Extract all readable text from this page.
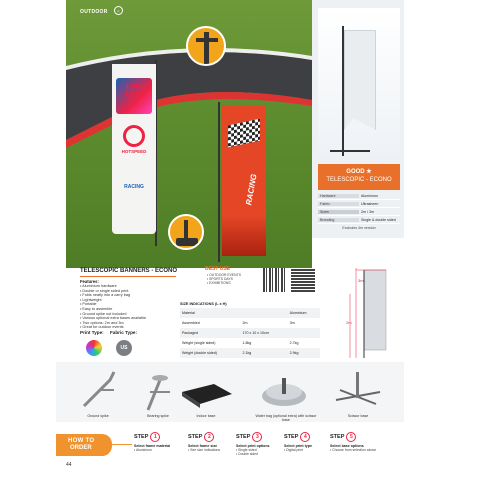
OUTDOOR	☼
TURN
OUT
HOTSPEED
RACING	RACING
GOOD ★
TELESCOPIC - ECONO
Hardware	Aluminium
Fabric	Ultrasheen
Sizes	2m / 3m
Branding	Single & double sided
Excludes 4m version
TELESCOPIC BANNERS - ECONO
Features:
• Aluminium hardware
• Double or single sided print
• Folds neatly into a carry bag
• Lightweight
• Portable
• Easy to assemble
• Ground spike not included
• Various optional extra bases available
• Two options: 2m and 3m
• Great for outdoor events
Print Type: Fabric Type:
US
BEST USE
• OUTDOOR EVENTS
• SPORTS DAYS
• EXHIBITIONS
SIZE INDICATIONS (L x H)
Material		Aluminium
Assembled	2m	3m
Packaged	170 x 10 x 10cm	
Weight (single sided)	1.8kg	2.7kg
Weight (double sided)	2.1kg	2.9kg
3m
2m
Ground spike	Bearing spike	Indoor base	Water bag (optional extra) with scissor base
Scissor base
HOW TO
ORDER
STEP	1
Select frame material
• Aluminium
STEP	2
Select frame size
• See size indications
STEP	3
Select print options
• Single sided
• Double sided
STEP	4
Select print type
• Digital print
STEP	5
Select base options
• Choose from selection above
44
